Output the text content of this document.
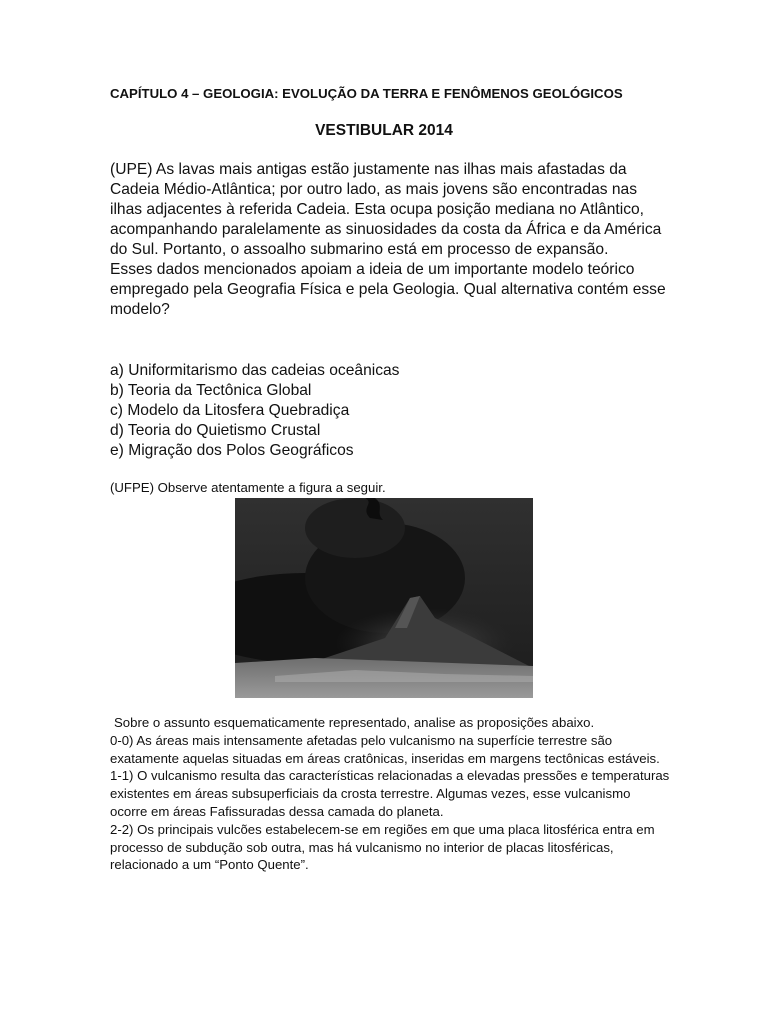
CAPÍTULO 4 – GEOLOGIA: EVOLUÇÃO DA TERRA E FENÔMENOS GEOLÓGICOS
VESTIBULAR 2014

(UPE) As lavas mais antigas estão justamente nas ilhas mais afastadas da Cadeia Médio-Atlântica; por outro lado, as mais jovens são encontradas nas ilhas adjacentes à referida Cadeia. Esta ocupa posição mediana no Atlântico, acompanhando paralelamente as sinuosidades da costa da África e da América do Sul. Portanto, o assoalho submarino está em processo de expansão.

Esses dados mencionados apoiam a ideia de um importante modelo teórico empregado pela Geografia Física e pela Geologia. Qual alternativa contém esse modelo?

a) Uniformitarismo das cadeias oceânicas
b) Teoria da Tectônica Global
c) Modelo da Litosfera Quebradiça
d) Teoria do Quietismo Crustal
e) Migração dos Polos Geográficos
(UFPE) Observe atentamente a figura a seguir.

Sobre o assunto esquematicamente representado, analise as proposições abaixo.

0-0) As áreas mais intensamente afetadas pelo vulcanismo na superfície terrestre são exatamente aquelas situadas em áreas cratônicas, inseridas em margens tectônicas estáveis.

1-1) O vulcanismo resulta das características relacionadas a elevadas pressões e temperaturas existentes em áreas subsuperficiais da crosta terrestre. Algumas vezes, esse vulcanismo ocorre em áreas Fafissuradas dessa camada do planeta.

2-2) Os principais vulcões estabelecem-se em regiões em que uma placa litosférica entra em processo de subdução sob outra, mas há vulcanismo no interior de placas litosféricas, relacionado a um “Ponto Quente”.
